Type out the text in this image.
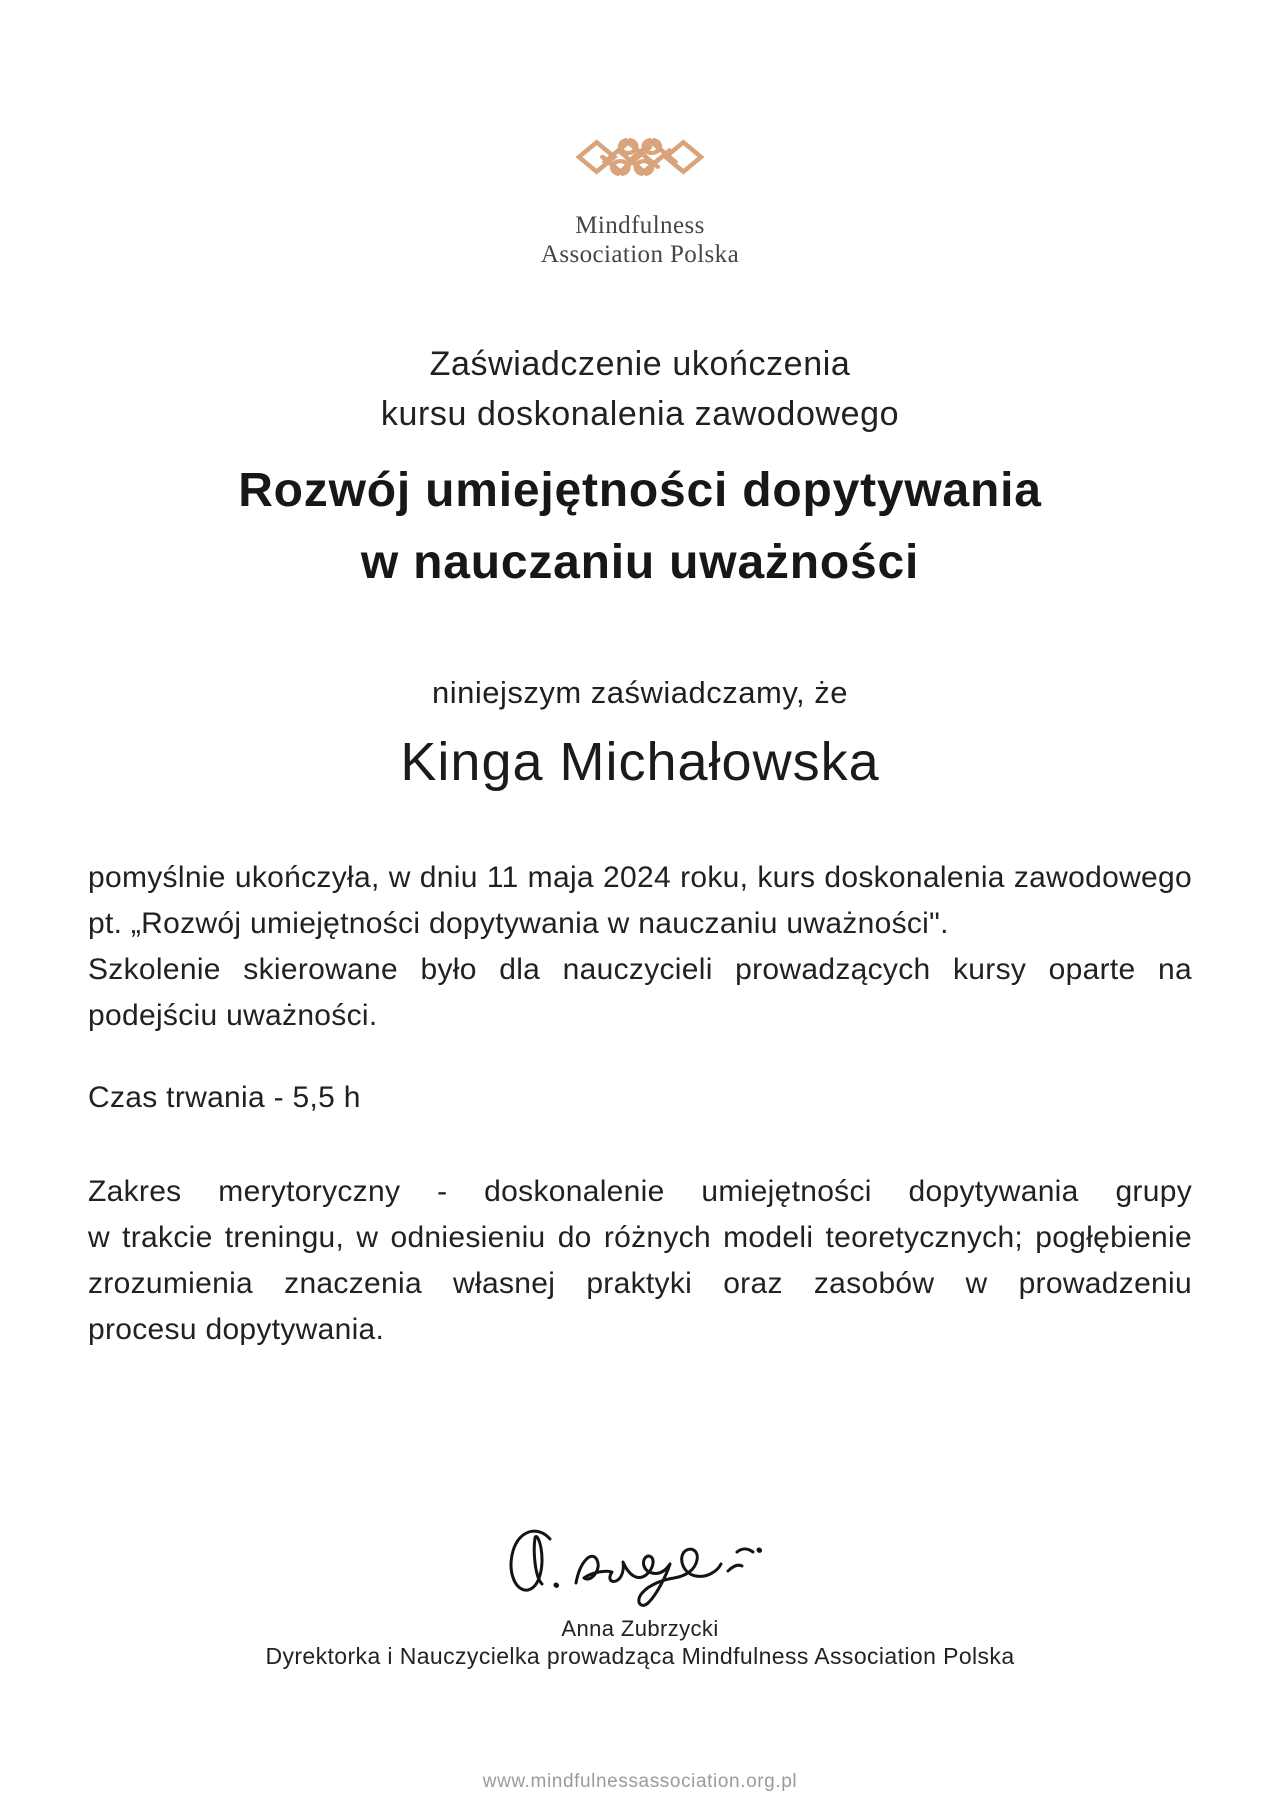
Mindfulness
Association Polska
Zaświadczenie ukończenia
kursu doskonalenia zawodowego
Rozwój umiejętności dopytywania
w nauczaniu uważności
niniejszym zaświadczamy, że
Kinga Michałowska
pomyślnie ukończyła, w dniu 11 maja 2024 roku, kurs doskonalenia zawodowego
pt. „Rozwój umiejętności dopytywania w nauczaniu uważności".
Szkolenie skierowane było dla nauczycieli prowadzących kursy oparte na
podejściu uważności.
Czas trwania - 5,5 h
Zakres merytoryczny - doskonalenie umiejętności dopytywania grupy
w trakcie treningu, w odniesieniu do różnych modeli teoretycznych; pogłębienie
zrozumienia znaczenia własnej praktyki oraz zasobów w prowadzeniu
procesu dopytywania.
Anna Zubrzycki
Dyrektorka i Nauczycielka prowadząca Mindfulness Association Polska
www.mindfulnessassociation.org.pl
